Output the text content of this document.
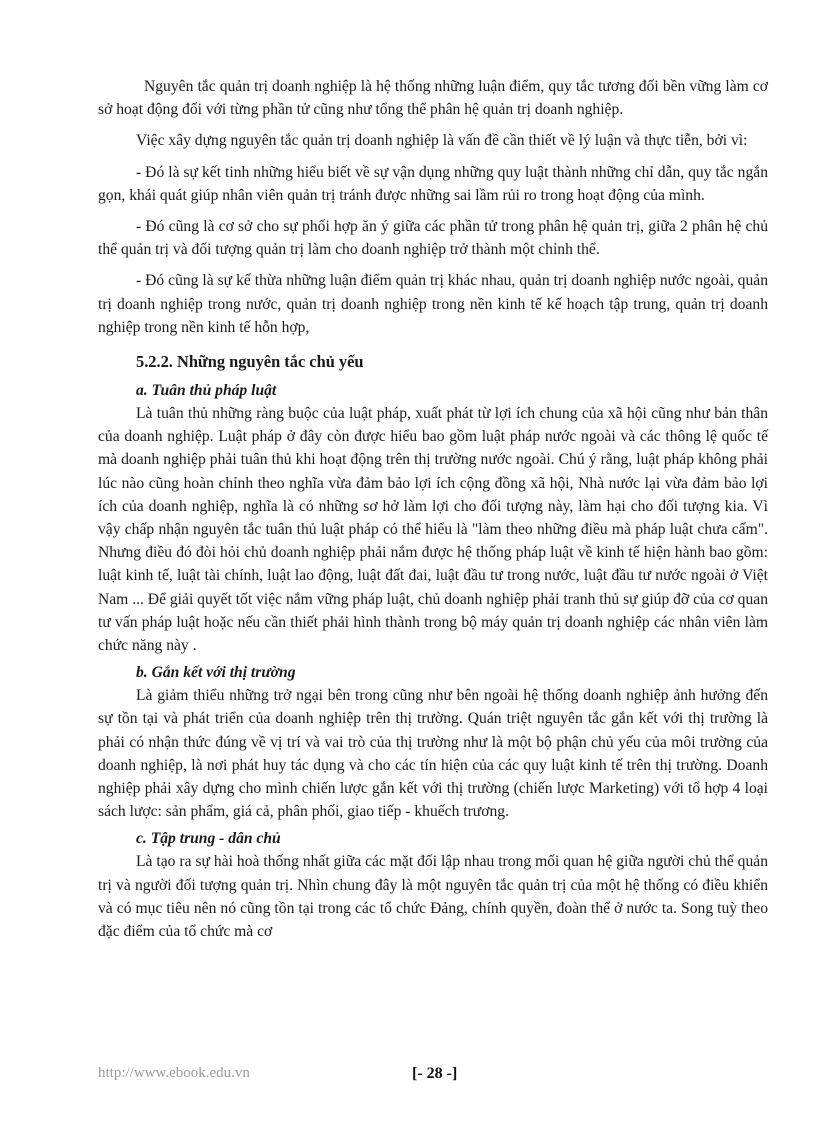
Nguyên tắc quản trị doanh nghiệp là hệ thống những luận điểm, quy tắc tương đối bền vững làm cơ sở hoạt động đối với từng phần tử cũng như tổng thể phân hệ quản trị doanh nghiệp.

Việc xây dựng nguyên tắc quản trị doanh nghiệp là vấn đề cần thiết về lý luận và thực tiễn, bởi vì:

- Đó là sự kết tinh những hiểu biết về sự vận dụng những quy luật thành những chỉ dẫn, quy tắc ngắn gọn, khái quát giúp nhân viên quản trị tránh được những sai lầm rủi ro trong hoạt động của mình.

- Đó cũng là cơ sở cho sự phối hợp ăn ý giữa các phần tử trong phân hệ quản trị, giữa 2 phân hệ chủ thể quản trị và đối tượng quản trị làm cho doanh nghiệp trở thành một chỉnh thể.

- Đó cũng là sự kế thừa những luận điểm quản trị khác nhau, quản trị doanh nghiệp nước ngoài, quản trị doanh nghiệp trong nước, quản trị doanh nghiệp trong nền kinh tế kế hoạch tập trung, quản trị doanh nghiệp trong nền kinh tế hỗn hợp,

5.2.2. Những nguyên tắc chủ yếu
a. Tuân thủ pháp luật

Là tuân thủ những ràng buộc của luật pháp, xuất phát từ lợi ích chung của xã hội cũng như bản thân của doanh nghiệp. Luật pháp ở đây còn được hiểu bao gồm luật pháp nước ngoài và các thông lệ quốc tế mà doanh nghiệp phải tuân thủ khi hoạt động trên thị trường nước ngoài. Chú ý rằng, luật pháp không phải lúc nào cũng hoàn chỉnh theo nghĩa vừa đảm bảo lợi ích cộng đồng xã hội, Nhà nước lại vừa đảm bảo lợi ích của doanh nghiệp, nghĩa là có những sơ hở làm lợi cho đối tượng này, làm hại cho đối tượng kia. Vì vậy chấp nhận nguyên tắc tuân thủ luật pháp có thể hiểu là "làm theo những điều mà pháp luật chưa cấm". Nhưng điều đó đòi hỏi chủ doanh nghiệp phải nắm được hệ thống pháp luật về kinh tế hiện hành bao gồm: luật kinh tế, luật tài chính, luật lao động, luật đất đai, luật đầu tư trong nước, luật đầu tư nước ngoài ở Việt Nam ... Để giải quyết tốt việc nắm vững pháp luật, chủ doanh nghiệp phải tranh thủ sự giúp đỡ của cơ quan tư vấn pháp luật hoặc nếu cần thiết phải hình thành trong bộ máy quản trị doanh nghiệp các nhân viên làm chức năng này .

b. Gắn kết với thị trường

Là giảm thiểu những trở ngại bên trong cũng như bên ngoài hệ thống doanh nghiệp ảnh hưởng đến sự tồn tại và phát triển của doanh nghiệp trên thị trường. Quán triệt nguyên tắc gắn kết với thị trường là phải có nhận thức đúng về vị trí và vai trò của thị trường như là một bộ phận chủ yếu của môi trường của doanh nghiệp, là nơi phát huy tác dụng và cho các tín hiện của các quy luật kinh tế trên thị trường. Doanh nghiệp phải xây dựng cho mình chiến lược gắn kết với thị trường (chiến lược Marketing) với tổ hợp 4 loại sách lược: sản phẩm, giá cả, phân phối, giao tiếp - khuếch trương.

c. Tập trung - dân chủ

Là tạo ra sự hài hoà thống nhất giữa các mặt đối lập nhau trong mối quan hệ giữa người chủ thể quản trị và người đối tượng quản trị. Nhìn chung đây là một nguyên tắc quản trị của một hệ thống có điều khiển và có mục tiêu nên nó cũng tồn tại trong các tổ chức Đảng, chính quyền, đoàn thể ở nước ta. Song tuỳ theo đặc điểm của tổ chức mà cơ

http://www.ebook.edu.vn	[- 28 -]
